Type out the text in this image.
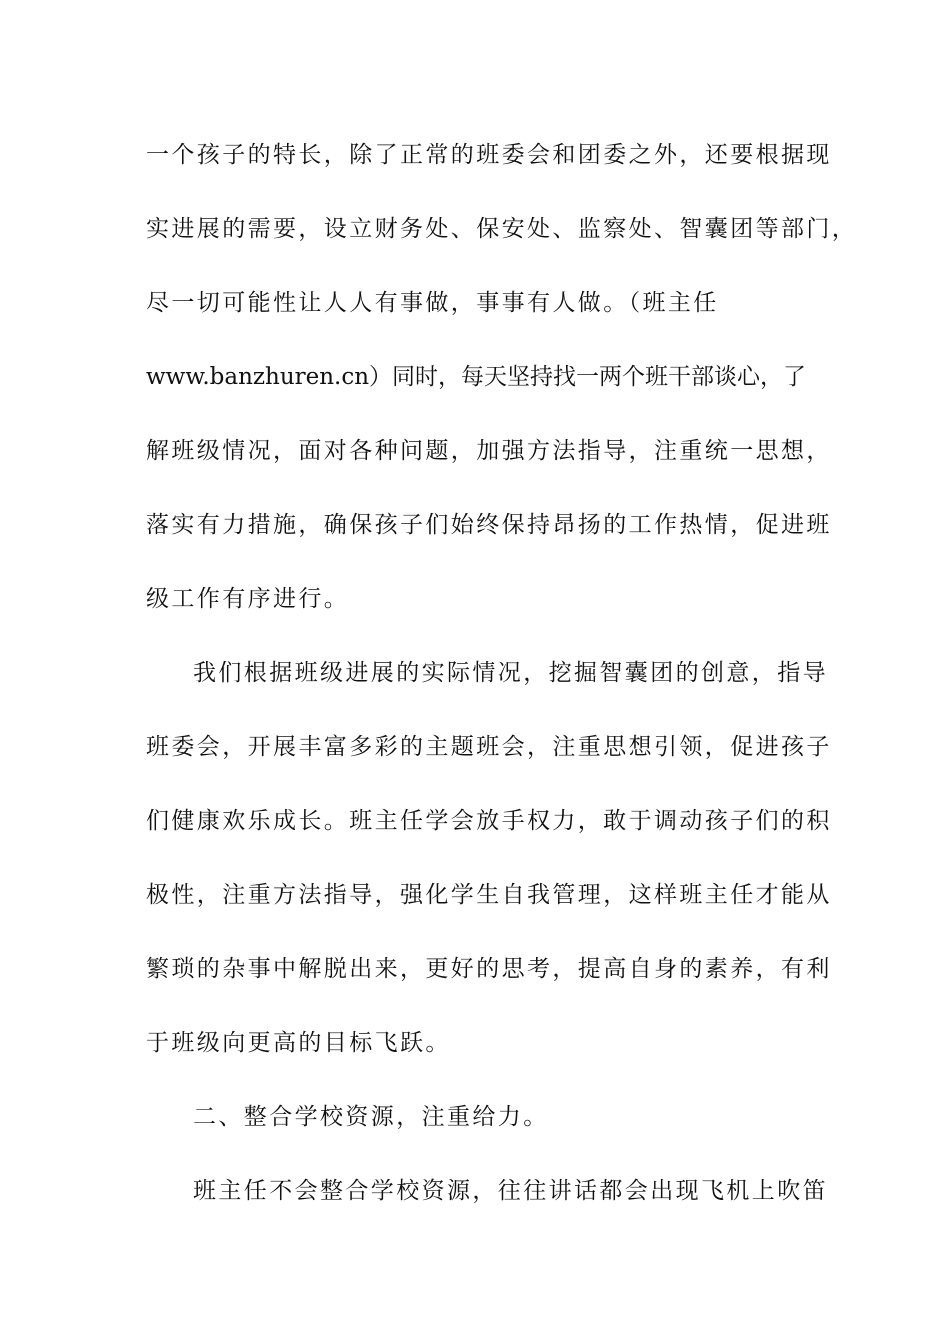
一个孩子的特长，除了正常的班委会和团委之外，还要根据现
实进展的需要，设立财务处、保安处、监察处、智囊团等部门，
尽一切可能性让人人有事做，事事有人做。（班主任
www.banzhuren.cn）同时，每天坚持找一两个班干部谈心，了
解班级情况，面对各种问题，加强方法指导，注重统一思想，
落实有力措施，确保孩子们始终保持昂扬的工作热情，促进班
级工作有序进行。
我们根据班级进展的实际情况，挖掘智囊团的创意，指导
班委会，开展丰富多彩的主题班会，注重思想引领，促进孩子
们健康欢乐成长。班主任学会放手权力，敢于调动孩子们的积
极性，注重方法指导，强化学生自我管理，这样班主任才能从
繁琐的杂事中解脱出来，更好的思考，提高自身的素养，有利
于班级向更高的目标飞跃。
二、整合学校资源，注重给力。
班主任不会整合学校资源，往往讲话都会出现飞机上吹笛
